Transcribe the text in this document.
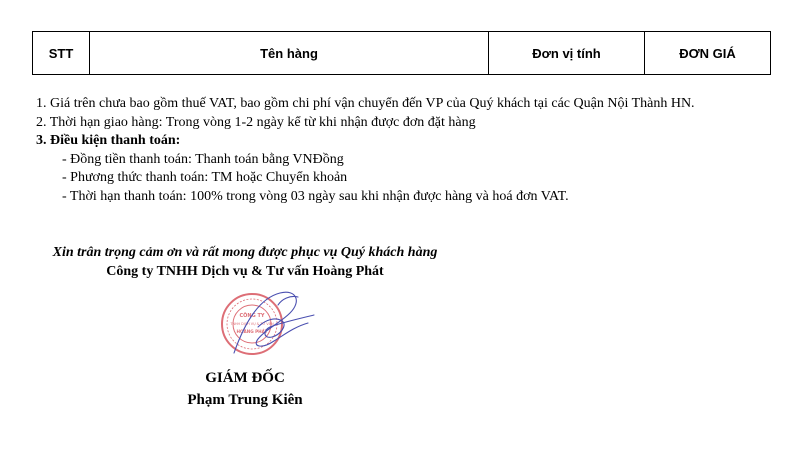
STT	Tên hàng	Đơn vị tính	ĐƠN GIÁ
1. Giá trên chưa bao gồm thuế VAT, bao gồm chi phí vận chuyển đến VP của Quý khách tại các Quận Nội Thành HN.
2. Thời hạn giao hàng: Trong vòng 1-2 ngày kể từ khi nhận được đơn đặt hàng
3. Điều kiện thanh toán:
- Đồng tiền thanh toán: Thanh toán bằng VNĐồng
- Phương thức thanh toán: TM hoặc Chuyển khoản
- Thời hạn thanh toán: 100% trong vòng 03 ngày sau khi nhận được hàng và hoá đơn VAT.
Xin trân trọng cảm ơn và rất mong được phục vụ Quý khách hàng
Công ty TNHH Dịch vụ & Tư vấn Hoàng Phát
CÔNG TY
TNHH DỊCH VỤ & TƯ VẤN
HOÀNG PHÁT
GIÁM ĐỐC
Phạm Trung Kiên
